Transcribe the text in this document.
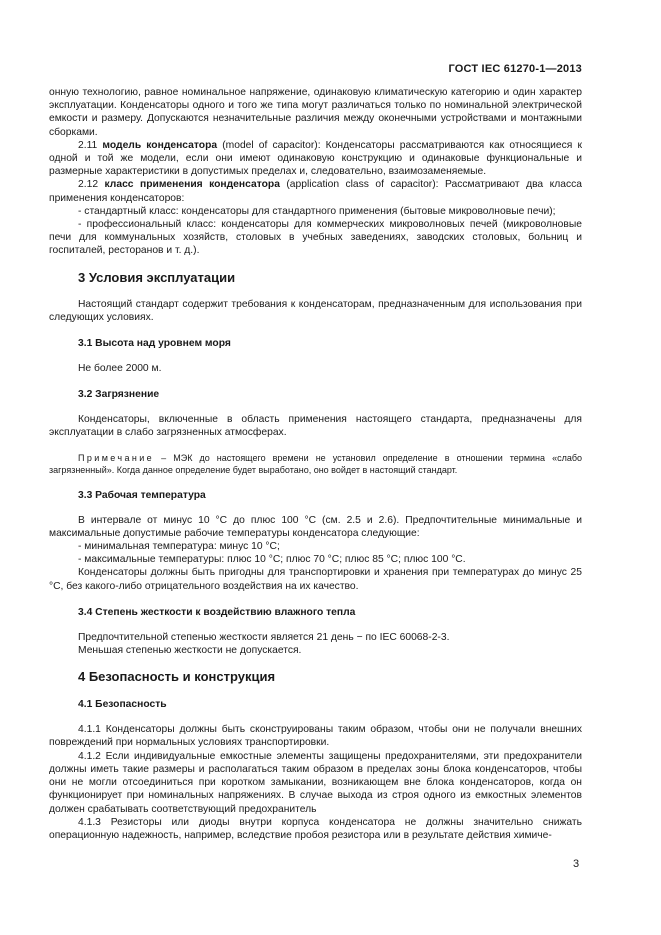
ГОСТ IEC 61270-1—2013

онную технологию, равное номинальное напряжение, одинаковую климатическую категорию и один характер эксплуатации. Конденсаторы одного и того же типа могут различаться только по номинальной электрической емкости и размеру. Допускаются незначительные различия между оконечными устройствами и монтажными сборками.

2.11 модель конденсатора (model of capacitor): Конденсаторы рассматриваются как относящиеся к одной и той же модели, если они имеют одинаковую конструкцию и одинаковые функциональные и размерные характеристики в допустимых пределах и, следовательно, взаимозаменяемые.

2.12 класс применения конденсатора (application class of capacitor): Рассматривают два класса применения конденсаторов:

- стандартный класс: конденсаторы для стандартного применения (бытовые микроволновые печи);

- профессиональный класс: конденсаторы для коммерческих микроволновых печей (микроволновые печи для коммунальных хозяйств, столовых в учебных заведениях, заводских столовых, больниц и госпиталей, ресторанов и т. д.).

3 Условия эксплуатации

Настоящий стандарт содержит требования к конденсаторам, предназначенным для использования при следующих условиях.

3.1 Высота над уровнем моря

Не более 2000 м.

3.2 Загрязнение

Конденсаторы, включенные в область применения настоящего стандарта, предназначены для эксплуатации в слабо загрязненных атмосферах.

Примечание – МЭК до настоящего времени не установил определение в отношении термина «слабо загрязненный». Когда данное определение будет выработано, оно войдет в настоящий стандарт.

3.3 Рабочая температура

В интервале от минус 10 °С до плюс 100 °С (см. 2.5 и 2.6). Предпочтительные минимальные и максимальные допустимые рабочие температуры конденсатора следующие:

- минимальная температура: минус 10 °С;

- максимальные температуры: плюс 10 °С; плюс 70 °С; плюс 85 °С; плюс 100 °С.

Конденсаторы должны быть пригодны для транспортировки и хранения при температурах до минус 25 °С, без какого-либо отрицательного воздействия на их качество.

3.4 Степень жесткости к воздействию влажного тепла

Предпочтительной степенью жесткости является 21 день − по IEC 60068-2-3.

Меньшая степенью жесткости не допускается.

4 Безопасность и конструкция
4.1 Безопасность

4.1.1 Конденсаторы должны быть сконструированы таким образом, чтобы они не получали внешних повреждений при нормальных условиях транспортировки.

4.1.2 Если индивидуальные емкостные элементы защищены предохранителями, эти предохранители должны иметь такие размеры и располагаться таким образом в пределах зоны блока конденсаторов, чтобы они не могли отсоединиться при коротком замыкании, возникающем вне блока конденсаторов, когда он функционирует при номинальных напряжениях. В случае выхода из строя одного из емкостных элементов должен срабатывать соответствующий предохранитель

4.1.3 Резисторы или диоды внутри корпуса конденсатора не должны значительно снижать операционную надежность, например, вследствие пробоя резистора или в результате действия химиче-

3
